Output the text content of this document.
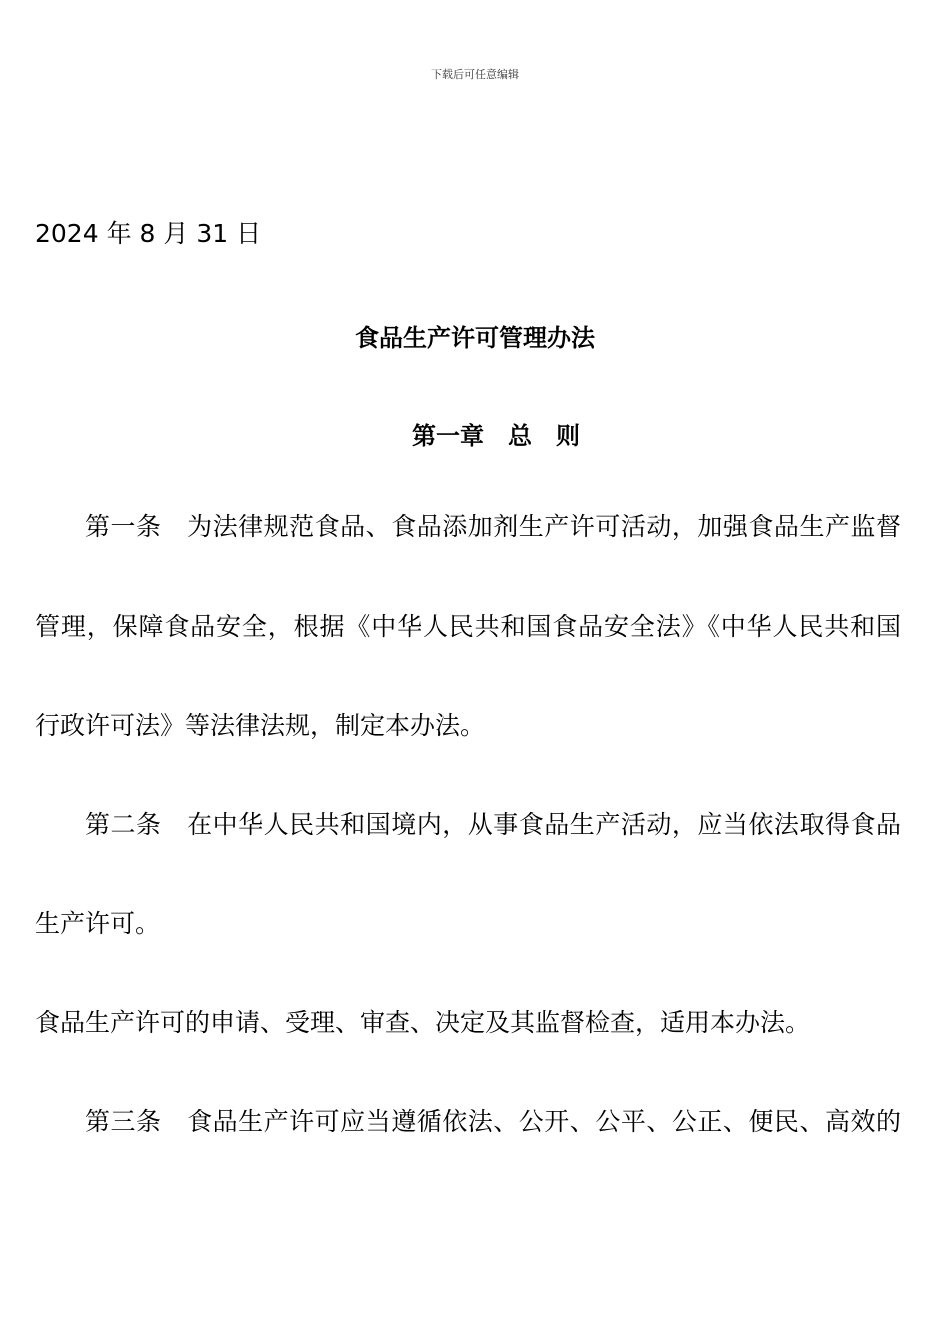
下载后可任意编辑
2024 年 8 月 31 日
食品生产许可管理办法
第一章　总　则
第一条　为法律规范食品、食品添加剂生产许可活动，加强食品生产监督
管理，保障食品安全，根据《中华人民共和国食品安全法》《中华人民共和国
行政许可法》等法律法规，制定本办法。
第二条　在中华人民共和国境内，从事食品生产活动，应当依法取得食品
生产许可。
食品生产许可的申请、受理、审查、决定及其监督检查，适用本办法。
第三条　食品生产许可应当遵循依法、公开、公平、公正、便民、高效的
